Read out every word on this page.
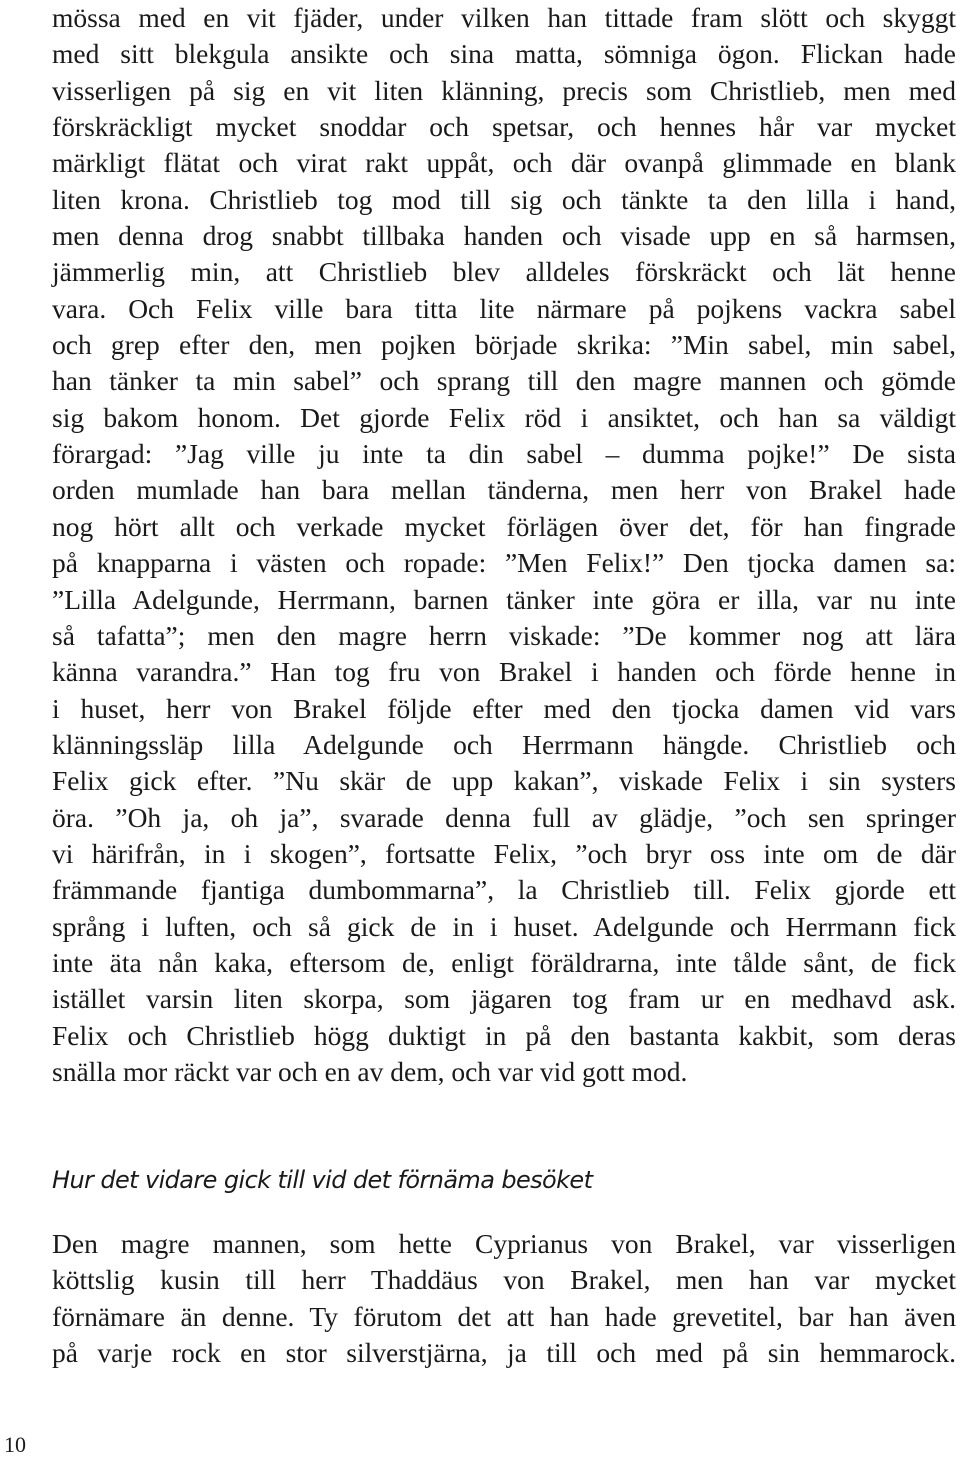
mössa med en vit fjäder, under vilken han tittade fram slött och skyggt
med sitt blekgula ansikte och sina matta, sömniga ögon. Flickan hade
visserligen på sig en vit liten klänning, precis som Christlieb, men med
förskräckligt mycket snoddar och spetsar, och hennes hår var mycket
märkligt flätat och virat rakt uppåt, och där ovanpå glimmade en blank
liten krona. Christlieb tog mod till sig och tänkte ta den lilla i hand,
men denna drog snabbt tillbaka handen och visade upp en så harmsen,
jämmerlig min, att Christlieb blev alldeles förskräckt och lät henne
vara. Och Felix ville bara titta lite närmare på pojkens vackra sabel
och grep efter den, men pojken började skrika: ”Min sabel, min sabel,
han tänker ta min sabel” och sprang till den magre mannen och gömde
sig bakom honom. Det gjorde Felix röd i ansiktet, och han sa väldigt
förargad: ”Jag ville ju inte ta din sabel – dumma pojke!” De sista
orden mumlade han bara mellan tänderna, men herr von Brakel hade
nog hört allt och verkade mycket förlägen över det, för han fingrade
på knapparna i västen och ropade: ”Men Felix!” Den tjocka damen sa:
”Lilla Adelgunde, Herrmann, barnen tänker inte göra er illa, var nu inte
så tafatta”; men den magre herrn viskade: ”De kommer nog att lära
känna varandra.” Han tog fru von Brakel i handen och förde henne in
i huset, herr von Brakel följde efter med den tjocka damen vid vars
klänningssläp lilla Adelgunde och Herrmann hängde. Christlieb och
Felix gick efter. ”Nu skär de upp kakan”, viskade Felix i sin systers
öra. ”Oh ja, oh ja”, svarade denna full av glädje, ”och sen springer
vi härifrån, in i skogen”, fortsatte Felix, ”och bryr oss inte om de där
främmande fjantiga dumbommarna”, la Christlieb till. Felix gjorde ett
språng i luften, och så gick de in i huset. Adelgunde och Herrmann fick
inte äta nån kaka, eftersom de, enligt föräldrarna, inte tålde sånt, de fick
istället varsin liten skorpa, som jägaren tog fram ur en medhavd ask.
Felix och Christlieb högg duktigt in på den bastanta kakbit, som deras
snälla mor räckt var och en av dem, och var vid gott mod.
Hur det vidare gick till vid det förnäma besöket
Den magre mannen, som hette Cyprianus von Brakel, var visserligen
köttslig kusin till herr Thaddäus von Brakel, men han var mycket
förnämare än denne. Ty förutom det att han hade grevetitel, bar han även
på varje rock en stor silverstjärna, ja till och med på sin hemmarock.
10
